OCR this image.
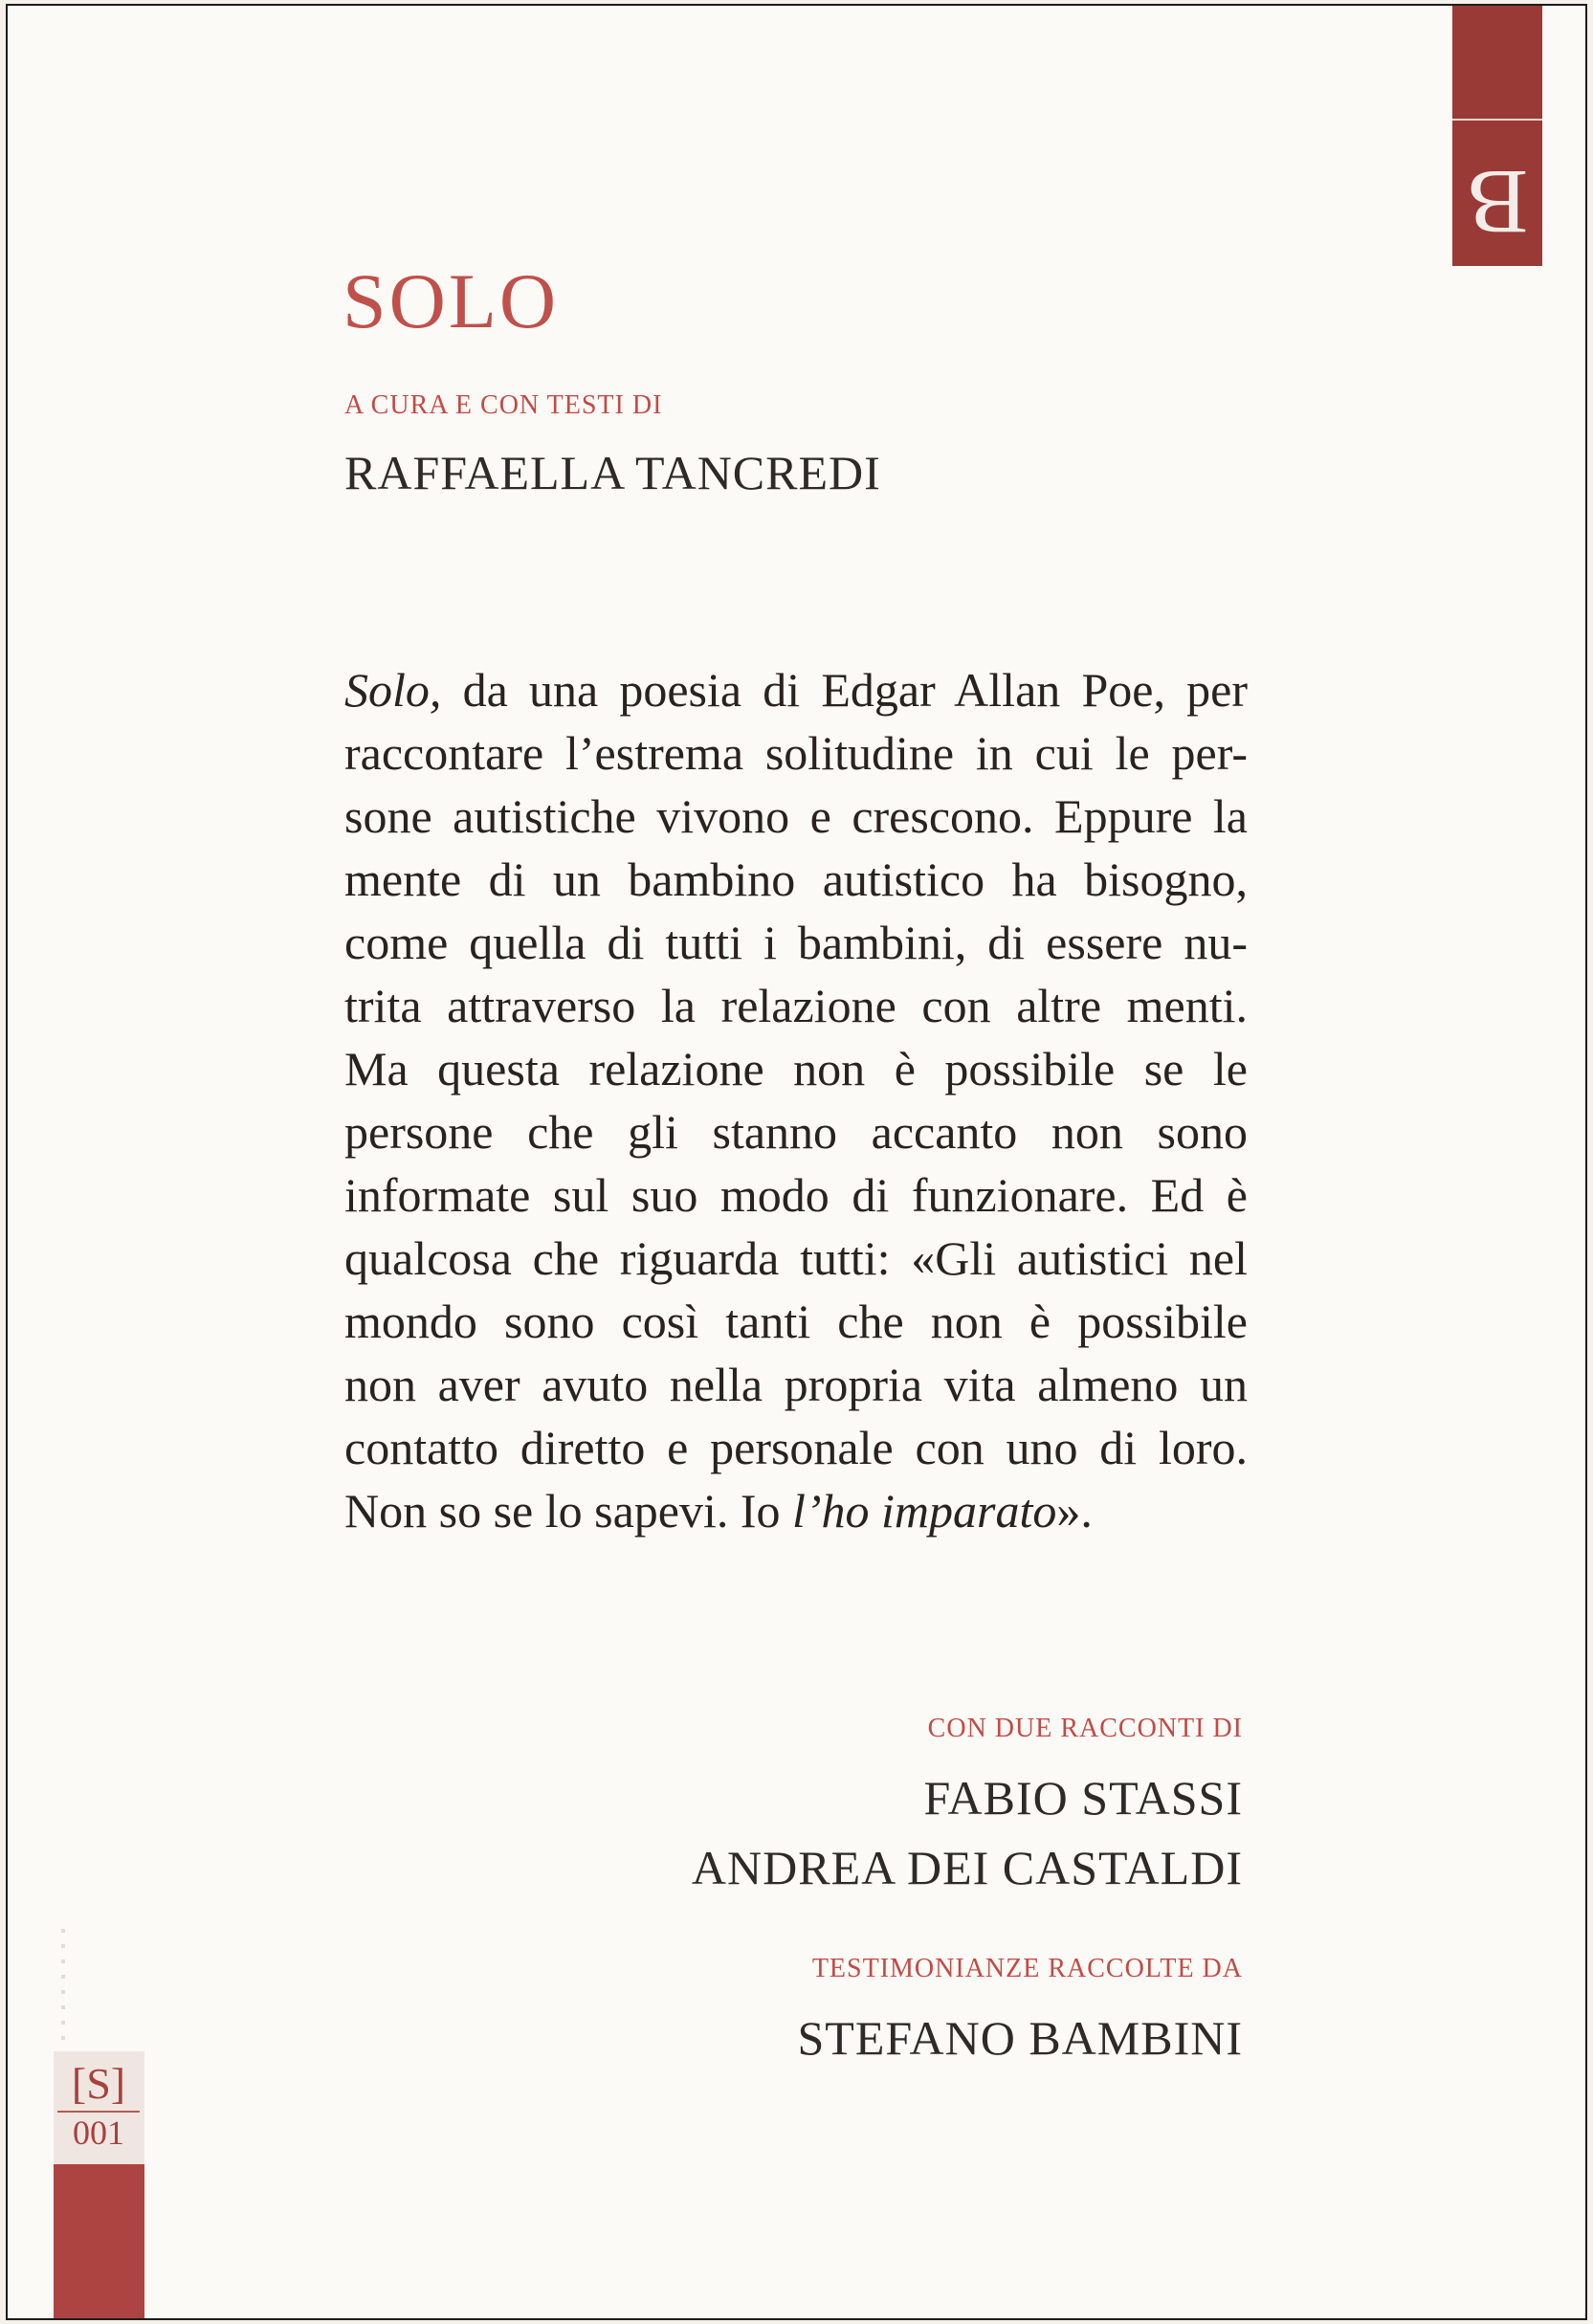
B
SOLO
A CURA E CON TESTI DI
RAFFAELLA TANCREDI
Solo, da una poesia di Edgar Allan Poe, per
raccontare l’estrema solitudine in cui le per-
sone autistiche vivono e crescono. Eppure la
mente di un bambino autistico ha bisogno,
come quella di tutti i bambini, di essere nu-
trita attraverso la relazione con altre menti.
Ma questa relazione non è possibile se le
persone che gli stanno accanto non sono
informate sul suo modo di funzionare. Ed è
qualcosa che riguarda tutti: «Gli autistici nel
mondo sono così tanti che non è possibile
non aver avuto nella propria vita almeno un
contatto diretto e personale con uno di loro.
Non so se lo sapevi. Io l’ho imparato».
CON DUE RACCONTI DI
FABIO STASSI
ANDREA DEI CASTALDI
TESTIMONIANZE RACCOLTE DA
STEFANO BAMBINI
[S]
001
